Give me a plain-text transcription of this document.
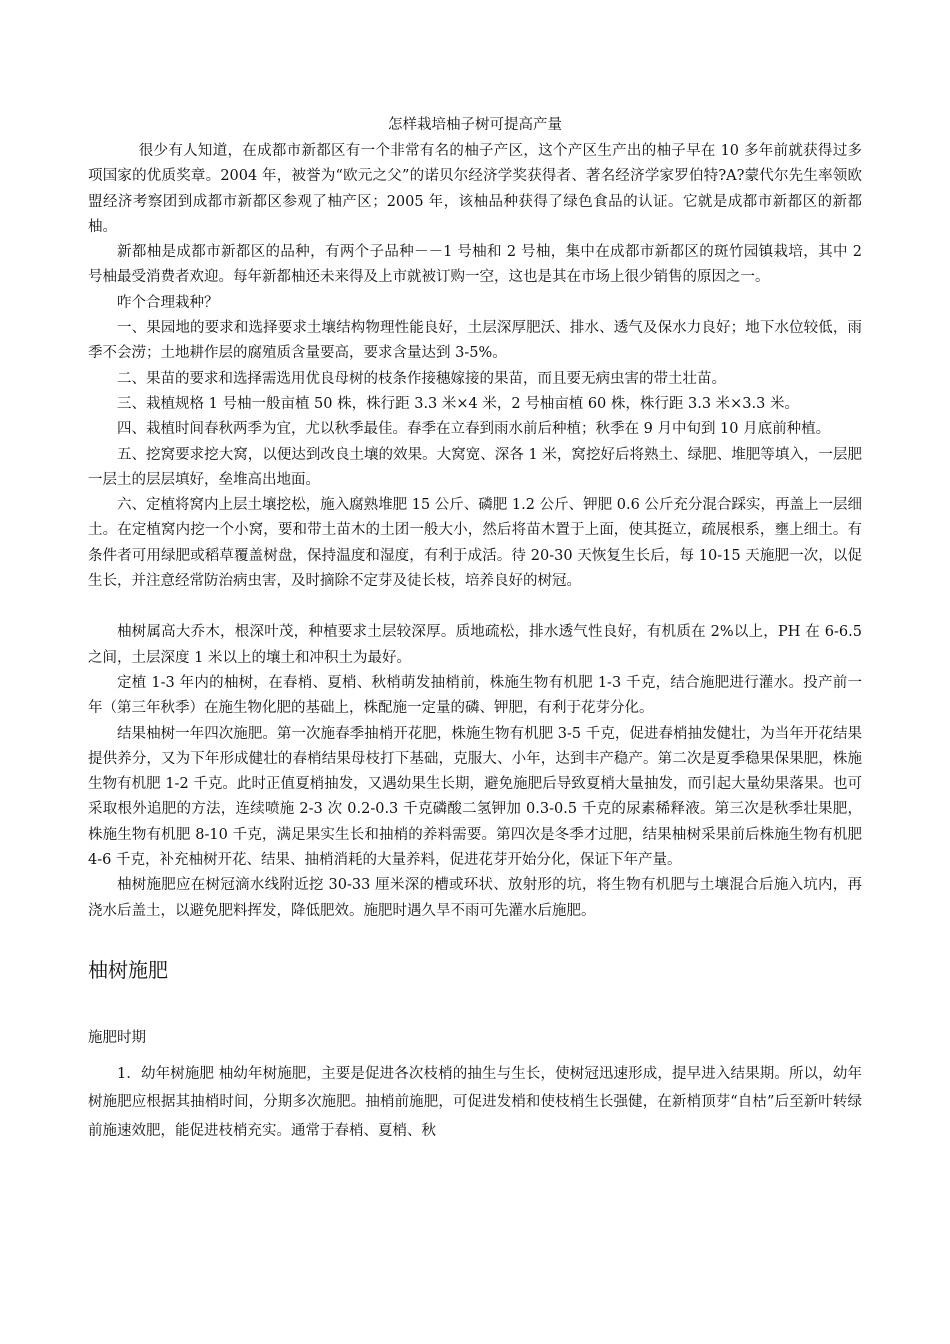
怎样栽培柚子树可提高产量

很少有人知道，在成都市新都区有一个非常有名的柚子产区，这个产区生产出的柚子早在 10 多年前就获得过多项国家的优质奖章。2004 年，被誉为“欧元之父”的诺贝尔经济学奖获得者、著名经济学家罗伯特?A?蒙代尔先生率领欧盟经济考察团到成都市新都区参观了柚产区；2005 年，该柚品种获得了绿色食品的认证。它就是成都市新都区的新都柚。

新都柚是成都市新都区的品种，有两个子品种－－1 号柚和 2 号柚，集中在成都市新都区的斑竹园镇栽培，其中 2 号柚最受消费者欢迎。每年新都柚还未来得及上市就被订购一空，这也是其在市场上很少销售的原因之一。

咋个合理栽种？

一、果园地的要求和选择要求土壤结构物理性能良好，土层深厚肥沃、排水、透气及保水力良好；地下水位较低，雨季不会涝；土地耕作层的腐殖质含量要高，要求含量达到 3-5%。

二、果苗的要求和选择需选用优良母树的枝条作接穗嫁接的果苗，而且要无病虫害的带土壮苗。

三、栽植规格 1 号柚一般亩植 50 株，株行距 3.3 米×4 米，2 号柚亩植 60 株，株行距 3.3 米×3.3 米。

四、栽植时间春秋两季为宜，尤以秋季最佳。春季在立春到雨水前后种植；秋季在 9 月中旬到 10 月底前种植。

五、挖窝要求挖大窝，以便达到改良土壤的效果。大窝宽、深各 1 米，窝挖好后将熟土、绿肥、堆肥等填入，一层肥一层土的层层填好，垒堆高出地面。

六、定植将窝内上层土壤挖松，施入腐熟堆肥 15 公斤、磷肥 1.2 公斤、钾肥 0.6 公斤充分混合踩实，再盖上一层细土。在定植窝内挖一个小窝，要和带土苗木的土团一般大小，然后将苗木置于上面，使其挺立，疏展根系，壅上细土。有条件者可用绿肥或稻草覆盖树盘，保持温度和湿度，有利于成活。待 20-30 天恢复生长后，每 10-15 天施肥一次，以促生长，并注意经常防治病虫害，及时摘除不定芽及徒长枝，培养良好的树冠。

柚树属高大乔木，根深叶茂，种植要求土层较深厚。质地疏松，排水透气性良好，有机质在 2%以上，PH 在 6-6.5 之间，土层深度 1 米以上的壤土和冲积土为最好。

定植 1-3 年内的柚树，在春梢、夏梢、秋梢萌发抽梢前，株施生物有机肥 1-3 千克，结合施肥进行灌水。投产前一年（第三年秋季）在施生物化肥的基础上，株配施一定量的磷、钾肥，有利于花芽分化。

结果柚树一年四次施肥。第一次施春季抽梢开花肥，株施生物有机肥 3-5 千克，促进春梢抽发健壮，为当年开花结果提供养分，又为下年形成健壮的春梢结果母枝打下基础，克服大、小年，达到丰产稳产。第二次是夏季稳果保果肥，株施生物有机肥 1-2 千克。此时正值夏梢抽发，又遇幼果生长期，避免施肥后导致夏梢大量抽发，而引起大量幼果落果。也可采取根外追肥的方法，连续喷施 2-3 次 0.2-0.3 千克磷酸二氢钾加 0.3-0.5 千克的尿素稀释液。第三次是秋季壮果肥，株施生物有机肥 8-10 千克，满足果实生长和抽梢的养料需要。第四次是冬季才过肥，结果柚树采果前后株施生物有机肥 4-6 千克，补充柚树开花、结果、抽梢消耗的大量养料，促进花芽开始分化，保证下年产量。

柚树施肥应在树冠滴水线附近挖 30-33 厘米深的槽或环状、放射形的坑，将生物有机肥与土壤混合后施入坑内，再浇水后盖土，以避免肥料挥发，降低肥效。施肥时遇久旱不雨可先灌水后施肥。

柚树施肥
施肥时期

1．幼年树施肥 柚幼年树施肥，主要是促进各次枝梢的抽生与生长，使树冠迅速形成，提早进入结果期。所以，幼年树施肥应根据其抽梢时间，分期多次施肥。抽梢前施肥，可促进发梢和使枝梢生长强健，在新梢顶芽“自枯”后至新叶转绿前施速效肥，能促进枝梢充实。通常于春梢、夏梢、秋
